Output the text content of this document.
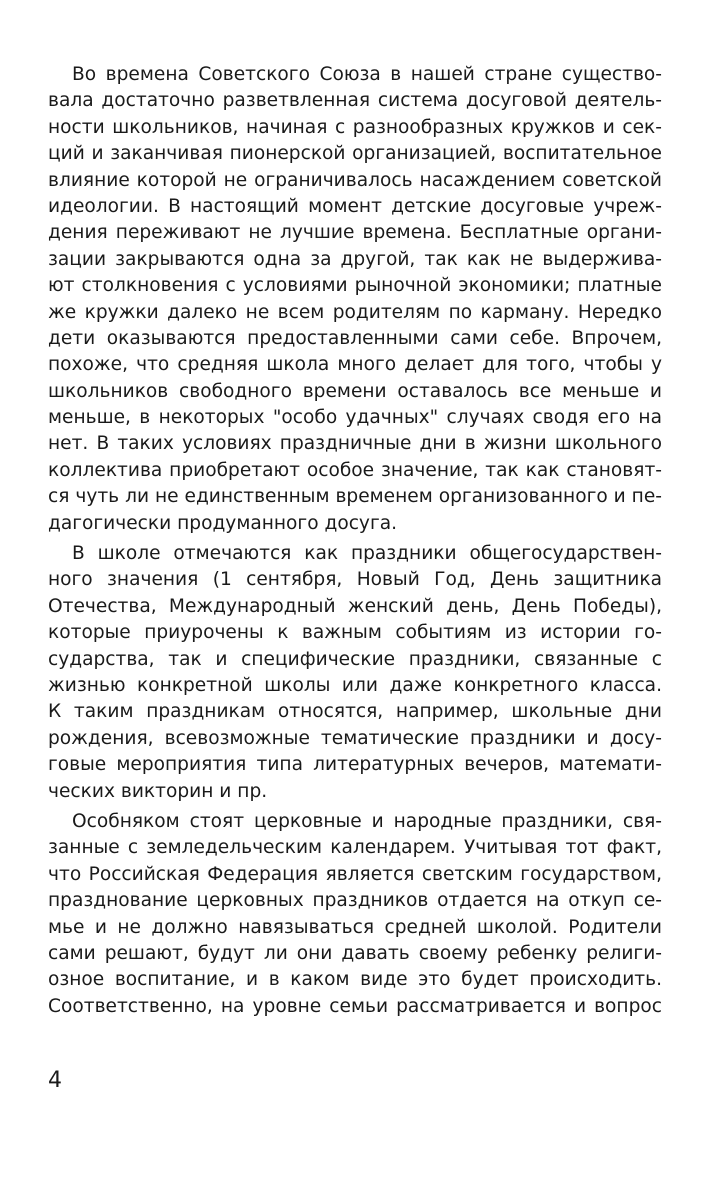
Во времена Советского Союза в нашей стране существо-
вала достаточно разветвленная система досуговой деятель-
ности школьников, начиная с разнообразных кружков и сек-
ций и заканчивая пионерской организацией, воспитательное
влияние которой не ограничивалось насаждением советской
идеологии. В настоящий момент детские досуговые учреж-
дения переживают не лучшие времена. Бесплатные органи-
зации закрываются одна за другой, так как не выдержива-
ют столкновения с условиями рыночной экономики; платные
же кружки далеко не всем родителям по карману. Нередко
дети оказываются предоставленными сами себе. Впрочем,
похоже, что средняя школа много делает для того, чтобы у
школьников свободного времени оставалось все меньше и
меньше, в некоторых "особо удачных" случаях сводя его на
нет. В таких условиях праздничные дни в жизни школьного
коллектива приобретают особое значение, так как становят-
ся чуть ли не единственным временем организованного и пе-
дагогически продуманного досуга.
В школе отмечаются как праздники общегосударствен-
ного значения (1 сентября, Новый Год, День защитника
Отечества, Международный женский день, День Победы),
которые приурочены к важным событиям из истории го-
сударства, так и специфические праздники, связанные с
жизнью конкретной школы или даже конкретного класса.
К таким праздникам относятся, например, школьные дни
рождения, всевозможные тематические праздники и досу-
говые мероприятия типа литературных вечеров, математи-
ческих викторин и пр.
Особняком стоят церковные и народные праздники, свя-
занные с земледельческим календарем. Учитывая тот факт,
что Российская Федерация является светским государством,
празднование церковных праздников отдается на откуп се-
мье и не должно навязываться средней школой. Родители
сами решают, будут ли они давать своему ребенку религи-
озное воспитание, и в каком виде это будет происходить.
Соответственно, на уровне семьи рассматривается и вопрос
4
